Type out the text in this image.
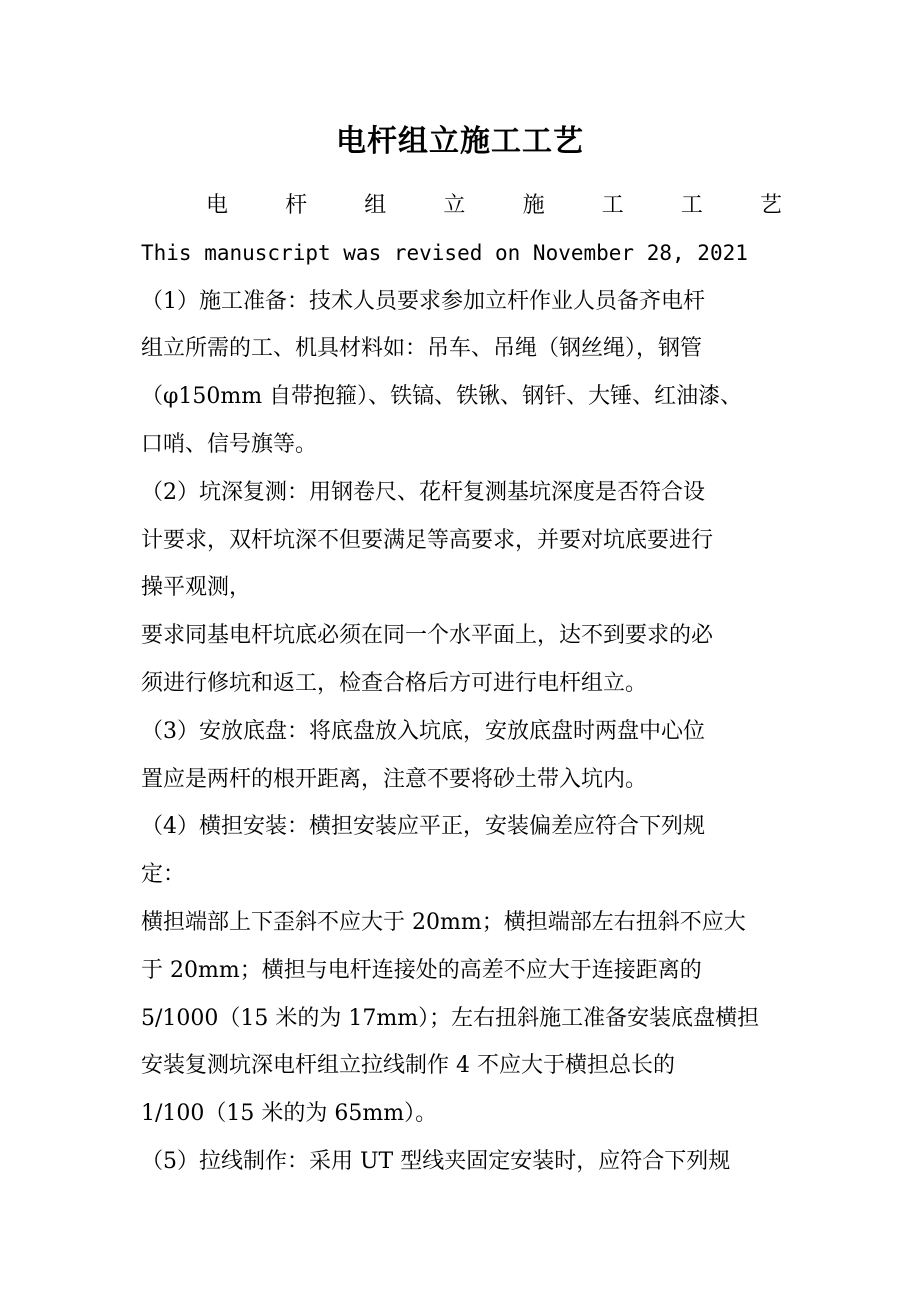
电杆组立施工工艺
电	杆	组	立	施	工	工	艺
This manuscript was revised on November 28, 2021
（1）施工准备：技术人员要求参加立杆作业人员备齐电杆
组立所需的工、机具材料如：吊车、吊绳（钢丝绳），钢管
（φ150mm 自带抱箍）、铁镐、铁锹、钢钎、大锤、红油漆、
口哨、信号旗等。
（2）坑深复测：用钢卷尺、花杆复测基坑深度是否符合设
计要求，双杆坑深不但要满足等高要求，并要对坑底要进行
操平观测，
要求同基电杆坑底必须在同一个水平面上，达不到要求的必
须进行修坑和返工，检查合格后方可进行电杆组立。
（3）安放底盘：将底盘放入坑底，安放底盘时两盘中心位
置应是两杆的根开距离，注意不要将砂土带入坑内。
（4）横担安装：横担安装应平正，安装偏差应符合下列规
定：
横担端部上下歪斜不应大于 20mm；横担端部左右扭斜不应大
于 20mm；横担与电杆连接处的高差不应大于连接距离的
5/1000（15 米的为 17mm）；左右扭斜施工准备安装底盘横担
安装复测坑深电杆组立拉线制作 4 不应大于横担总长的
1/100（15 米的为 65mm）。
（5）拉线制作：采用 UT 型线夹固定安装时，应符合下列规
